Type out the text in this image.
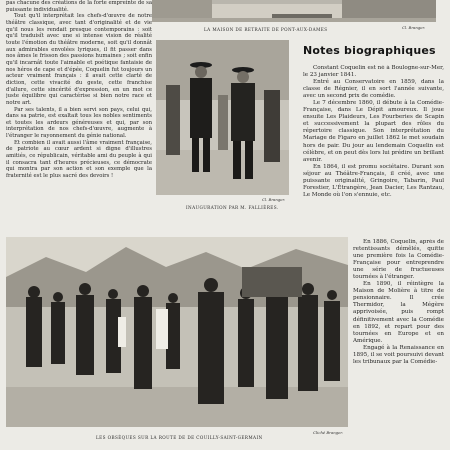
LA MAISON DE RETRAITE DE PONT-AUX-DAMES	Cl. Branger.

pas chacune des créations de la forte empreinte de sa puissante individualité.

Tout qu'il interprétait les chefs-d'œuvre de notre théâtre classique, avec tant d'originalité et de vie qu'il nous les rendait presque contemporains : soit qu'il traduisît avec une si intense vision de réalité toute l'émotion du théâtre moderne, soit qu'il donnât aux admirables envolées lyriques, il fit passer dans nos âmes le frisson des passions humaines ; soit enfin qu'il incarnât toute l'aimable et poétique fantaisie de nos héros de cape et d'épée, Coquelin fut toujours un acteur vraiment français : il avait cette clarté de diction, cette vivacité du geste, cette franchise d'allure, cette sincérité d'expression, en un mot ce juste équilibre qui caractérise si bien notre race et notre art.

Par ses talents, il a bien servi son pays, celui qui, dans sa patrie, est exaltait tous les nobles sentiments et toutes les ardeurs généreuses et qui, par son interprétation de nos chefs-d'œuvre, augmente à l'étranger le rayonnement du génie national.

Et combien il avait aussi l'âme vraiment française, de patriote au cœur ardent si digne d'illustres amitiés, ce républicain, véritable ami du peuple à qui il consacra tant d'heures précieuses, ce démocrate qui montra par son action et son exemple que la fraternité est le plus sacré des devoirs !

Cl. Branger.
INAUGURATION PAR M. FALLIÈRES.
Notes biographiques

Constant Coquelin est né à Boulogne-sur-Mer, le 23 janvier 1841.

Entré au Conservatoire en 1859, dans la classe de Régnier, il en sort l'année suivante, avec un second prix de comédie.

Le 7 décembre 1860, il débute à la Comédie-Française, dans Le Dépit amoureux. Il joue ensuite Les Plaideurs, Les Fourberies de Scapin et successivement la plupart des rôles du répertoire classique. Son interprétation du Mariage de Figaro en juillet 1862 le met soudain hors de pair. Du jour au lendemain Coquelin est célèbre, et on peut dès lors lui prédire un brillant avenir.

En 1864, il est promu sociétaire. Durant son séjour au Théâtre-Français, il créé, avec une puissante originalité, Gringoire, Tabarin, Paul Forestier, L'Étrangère, Jean Dacier, Les Rantzau, Le Monde où l'on s'ennuie, etc.

Cliché Branger.
LES OBSÈQUES SUR LA ROUTE DE DE COUILLY-SAINT-GERMAIN

En 1886, Coquelin, après de retentissants démêlés, quitte une première fois la Comédie-Française pour entreprendre une série de fructueuses tournées à l'étranger.

En 1890, il réintègre la Maison de Molière à titre de pensionnaire. Il crée Thermidor, la Mégère apprivoisée, puis rompt définitivement avec la Comédie en 1892, et repart pour des tournées en Europe et en Amérique.

Engagé à la Renaissance en 1895, il se voit poursuivi devant les tribunaux par la Comédie-
